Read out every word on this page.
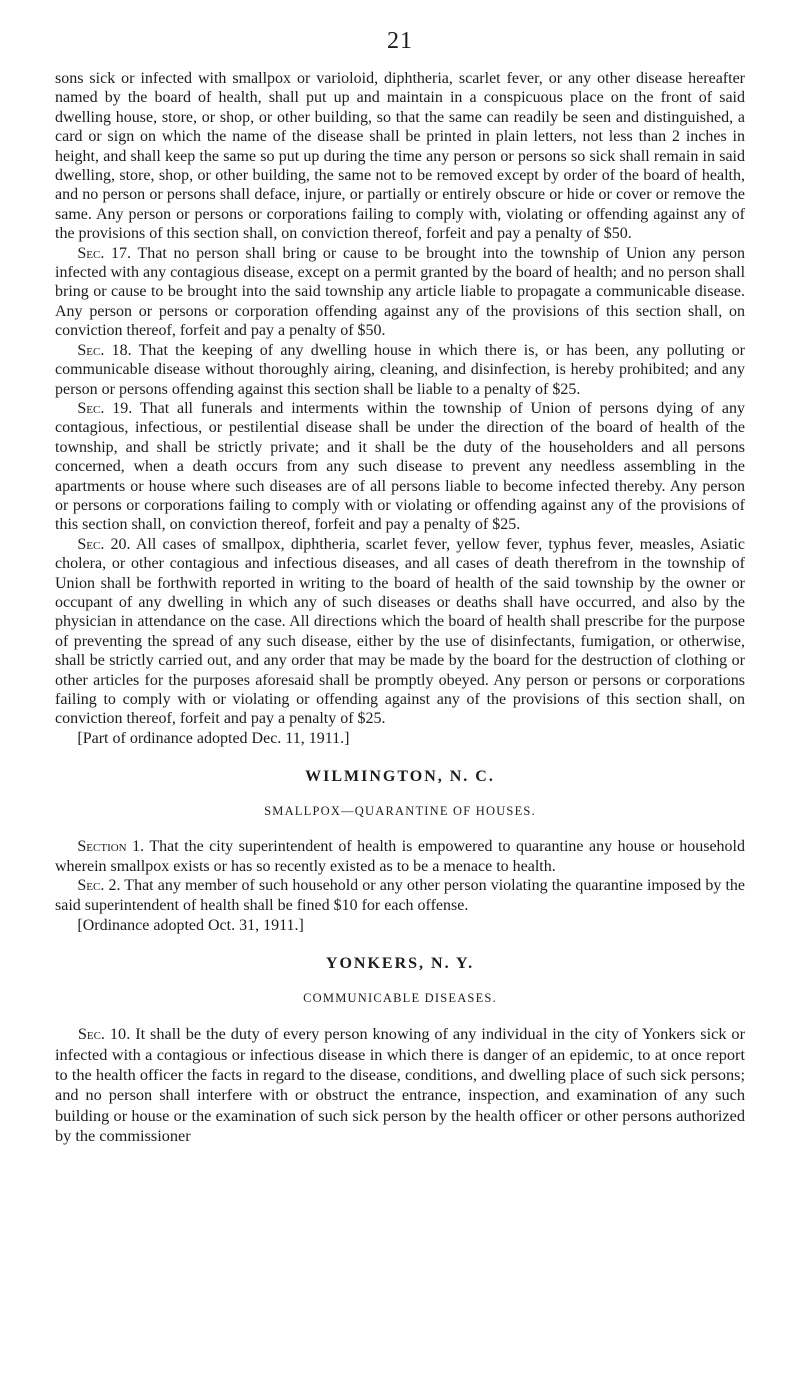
21

sons sick or infected with smallpox or varioloid, diphtheria, scarlet fever, or any other disease hereafter named by the board of health, shall put up and maintain in a conspicuous place on the front of said dwelling house, store, or shop, or other building, so that the same can readily be seen and distinguished, a card or sign on which the name of the disease shall be printed in plain letters, not less than 2 inches in height, and shall keep the same so put up during the time any person or persons so sick shall remain in said dwelling, store, shop, or other building, the same not to be removed except by order of the board of health, and no person or persons shall deface, injure, or partially or entirely obscure or hide or cover or remove the same. Any person or persons or corporations failing to comply with, violating or offending against any of the provisions of this section shall, on conviction thereof, forfeit and pay a penalty of $50.

Sec. 17. That no person shall bring or cause to be brought into the township of Union any person infected with any contagious disease, except on a permit granted by the board of health; and no person shall bring or cause to be brought into the said township any article liable to propagate a communicable disease. Any person or persons or corporation offending against any of the provisions of this section shall, on conviction thereof, forfeit and pay a penalty of $50.

Sec. 18. That the keeping of any dwelling house in which there is, or has been, any polluting or communicable disease without thoroughly airing, cleaning, and disinfection, is hereby prohibited; and any person or persons offending against this section shall be liable to a penalty of $25.

Sec. 19. That all funerals and interments within the township of Union of persons dying of any contagious, infectious, or pestilential disease shall be under the direction of the board of health of the township, and shall be strictly private; and it shall be the duty of the householders and all persons concerned, when a death occurs from any such disease to prevent any needless assembling in the apartments or house where such diseases are of all persons liable to become infected thereby. Any person or persons or corporations failing to comply with or violating or offending against any of the provisions of this section shall, on conviction thereof, forfeit and pay a penalty of $25.

Sec. 20. All cases of smallpox, diphtheria, scarlet fever, yellow fever, typhus fever, measles, Asiatic cholera, or other contagious and infectious diseases, and all cases of death therefrom in the township of Union shall be forthwith reported in writing to the board of health of the said township by the owner or occupant of any dwelling in which any of such diseases or deaths shall have occurred, and also by the physician in attendance on the case. All directions which the board of health shall prescribe for the purpose of preventing the spread of any such disease, either by the use of disinfectants, fumigation, or otherwise, shall be strictly carried out, and any order that may be made by the board for the destruction of clothing or other articles for the purposes aforesaid shall be promptly obeyed. Any person or persons or corporations failing to comply with or violating or offending against any of the provisions of this section shall, on conviction thereof, forfeit and pay a penalty of $25.

[Part of ordinance adopted Dec. 11, 1911.]

WILMINGTON, N. C.
SMALLPOX—QUARANTINE OF HOUSES.

Section 1. That the city superintendent of health is empowered to quarantine any house or household wherein smallpox exists or has so recently existed as to be a menace to health.

Sec. 2. That any member of such household or any other person violating the quarantine imposed by the said superintendent of health shall be fined $10 for each offense.

[Ordinance adopted Oct. 31, 1911.]

YONKERS, N. Y.
COMMUNICABLE DISEASES.

Sec. 10. It shall be the duty of every person knowing of any individual in the city of Yonkers sick or infected with a contagious or infectious disease in which there is danger of an epidemic, to at once report to the health officer the facts in regard to the disease, conditions, and dwelling place of such sick persons; and no person shall interfere with or obstruct the entrance, inspection, and examination of any such building or house or the examination of such sick person by the health officer or other persons authorized by the commissioner
